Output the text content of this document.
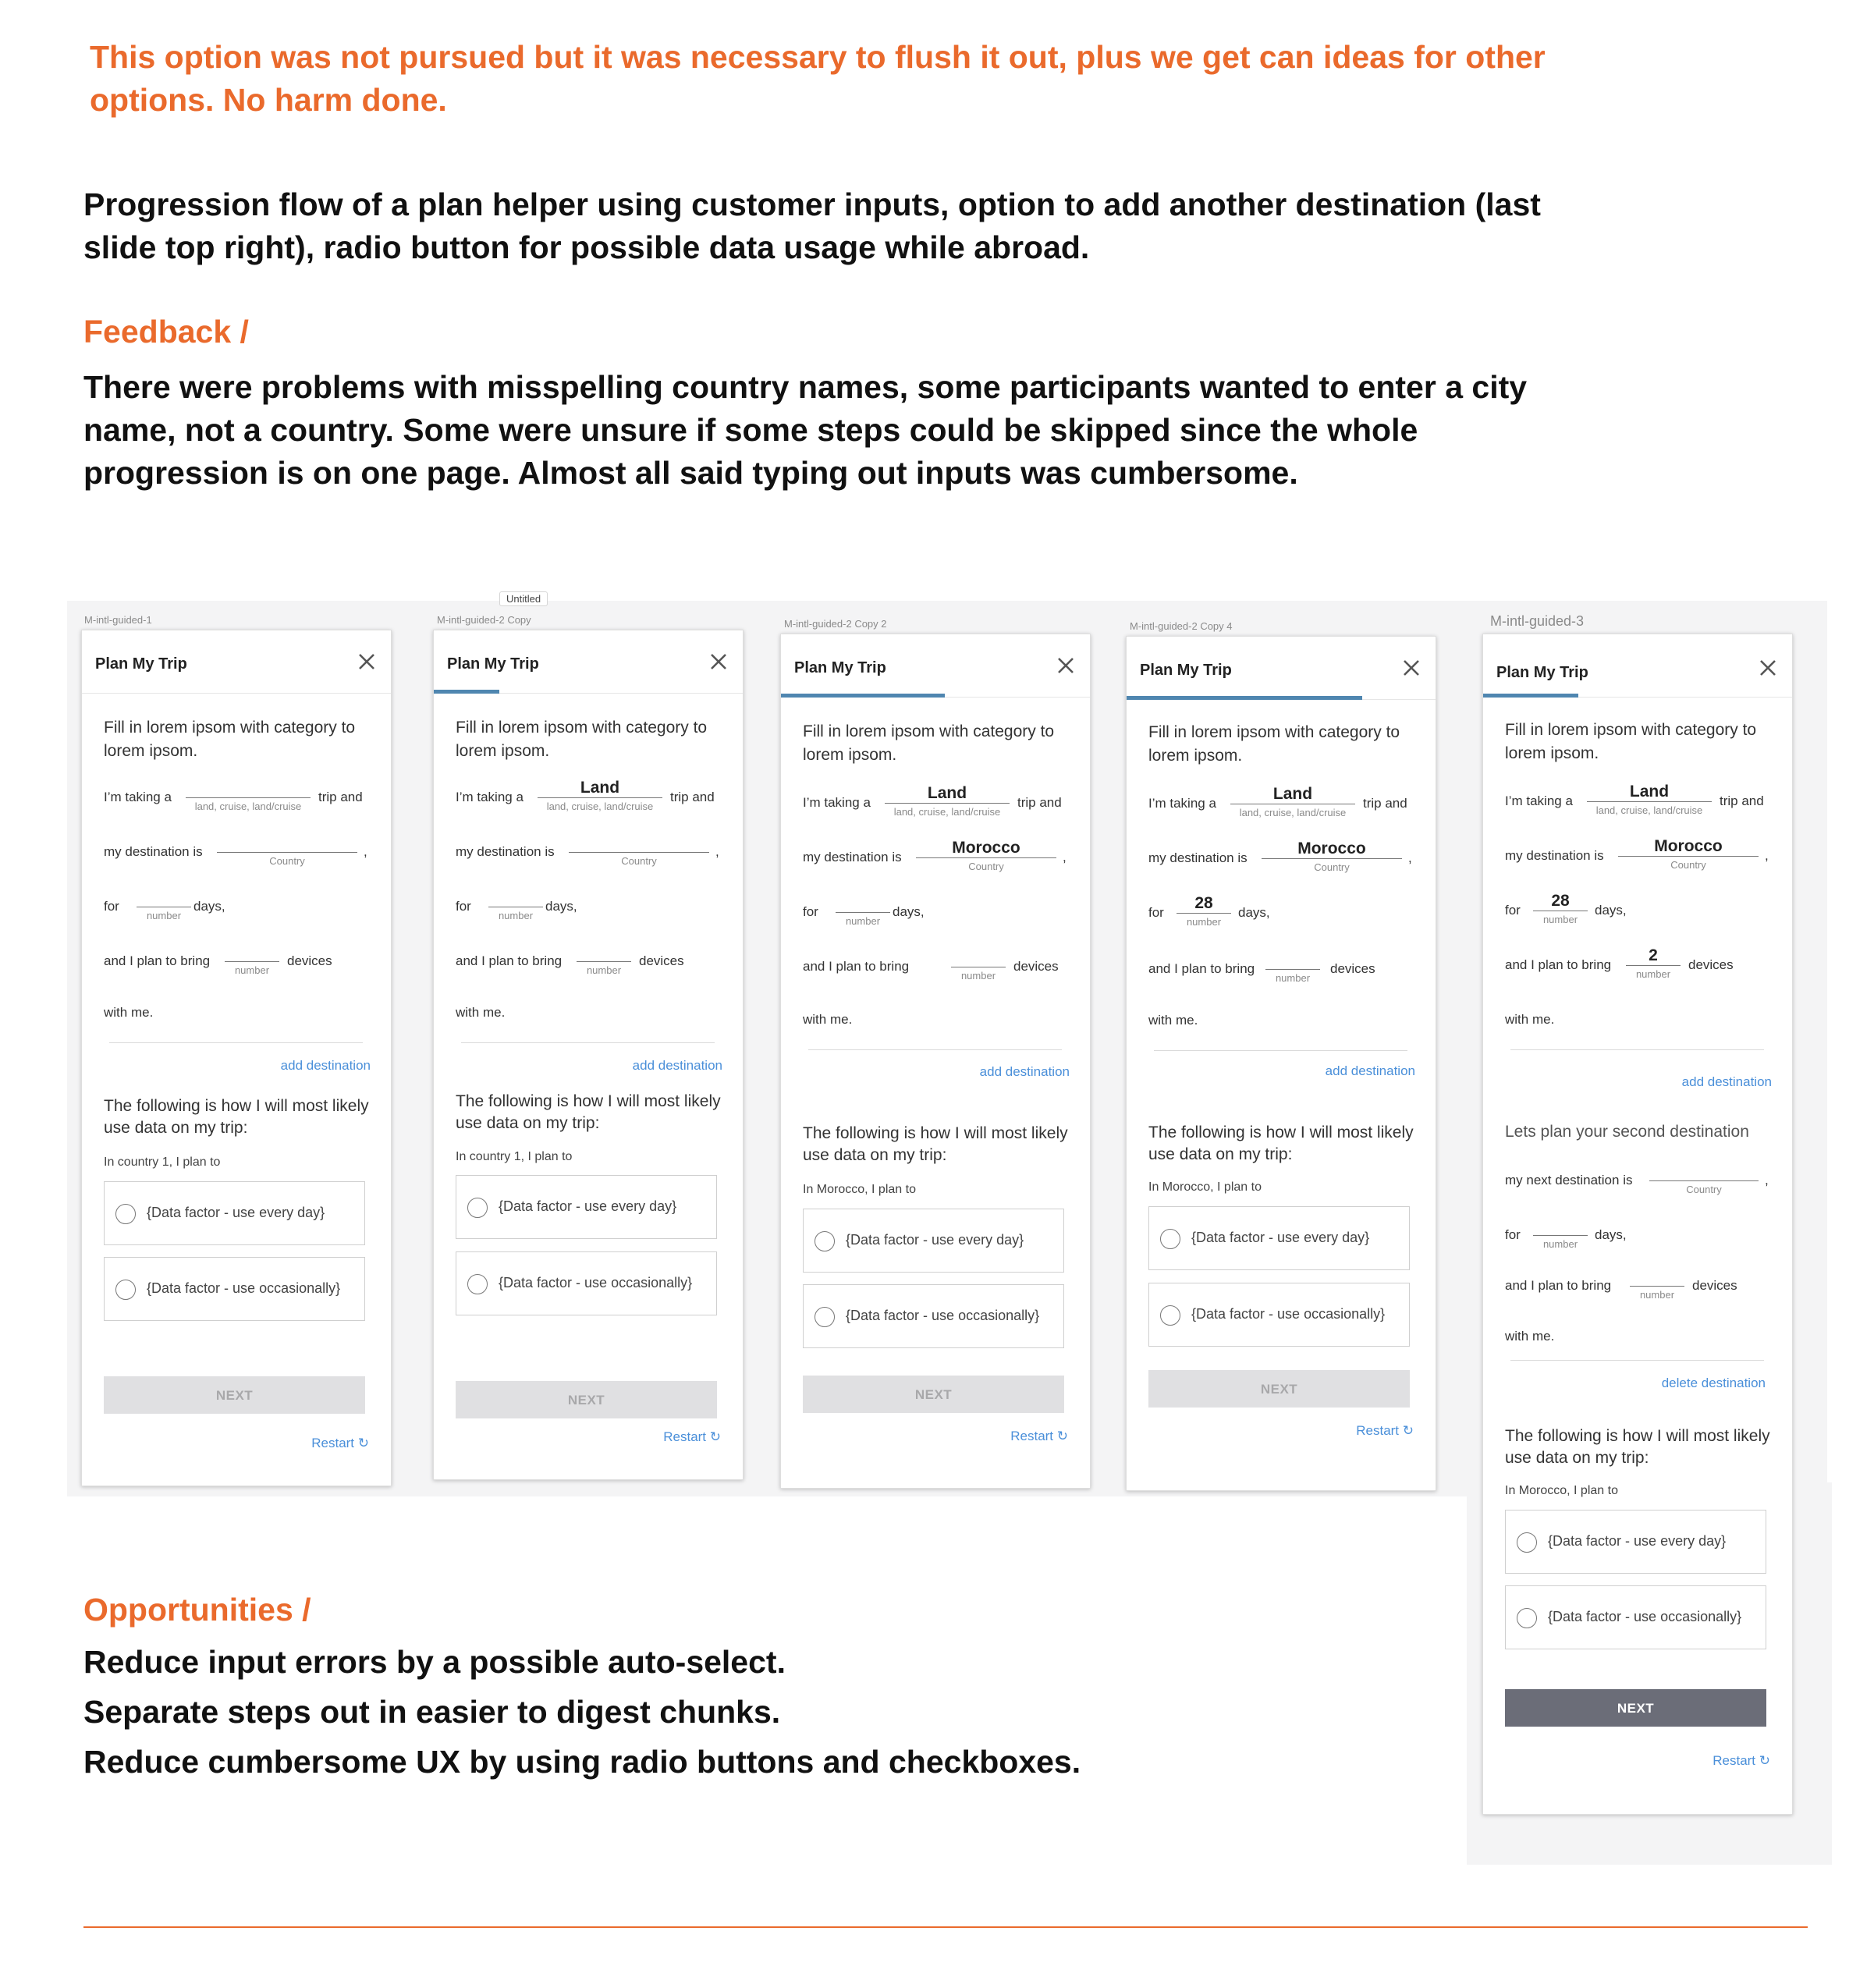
This option was not pursued but it was necessary to flush it out, plus we get can ideas for other options. No harm done.

Progression flow of a plan helper using customer inputs, option to add another destination (last slide top right), radio button for possible data usage while abroad.

Feedback /

There were problems with misspelling country names, some participants wanted to enter a city name, not a country. Some were unsure if some steps could be skipped since the whole progression is on one page. Almost all said typing out inputs was cumbersome.

Untitled
M-intl-guided-1	M-intl-guided-2 Copy	M-intl-guided-2 Copy 2	M-intl-guided-2 Copy 4	M-intl-guided-3
Plan My Trip
Fill in lorem ipsom with category to lorem ipsom.
I’m taking a
land, cruise, land/cruise
trip and
my destination is
Country
,
for
number
days,
and I plan to bring
number
devices
with me.
add destination
The following is how I will most likely use data on my trip:
In country 1, I plan to
{Data factor - use every day}
{Data factor - use occasionally}
NEXT
Restart ↻
Plan My Trip
Fill in lorem ipsom with category to lorem ipsom.
I’m taking a
Land
land, cruise, land/cruise
trip and
my destination is
Country
,
for
number
days,
and I plan to bring
number
devices
with me.
add destination
The following is how I will most likely use data on my trip:
In country 1, I plan to
{Data factor - use every day}
{Data factor - use occasionally}
NEXT
Restart ↻
Plan My Trip
Fill in lorem ipsom with category to lorem ipsom.
I’m taking a
Land
land, cruise, land/cruise
trip and
my destination is
Morocco
Country
,
for
number
days,
and I plan to bring
number
devices
with me.
add destination
The following is how I will most likely use data on my trip:
In Morocco, I plan to
{Data factor - use every day}
{Data factor - use occasionally}
NEXT
Restart ↻
Plan My Trip
Fill in lorem ipsom with category to lorem ipsom.
I’m taking a
Land
land, cruise, land/cruise
trip and
my destination is
Morocco
Country
,
for
28
number
days,
and I plan to bring
number
devices
with me.
add destination
The following is how I will most likely use data on my trip:
In Morocco, I plan to
{Data factor - use every day}
{Data factor - use occasionally}
NEXT
Restart ↻
Plan My Trip
Fill in lorem ipsom with category to lorem ipsom.
I’m taking a
Land
land, cruise, land/cruise
trip and
my destination is
Morocco
Country
,
for
28
number
days,
and I plan to bring
2
number
devices
with me.
add destination
Lets plan your second destination
my next destination is
Country
,
for
number
days,
and I plan to bring
number
devices
with me.
delete destination
The following is how I will most likely use data on my trip:
In Morocco, I plan to
{Data factor - use every day}
{Data factor - use occasionally}
NEXT
Restart ↻
Opportunities /
Reduce input errors by a possible auto-select.
Separate steps out in easier to digest chunks.
Reduce cumbersome UX by using radio buttons and checkboxes.
